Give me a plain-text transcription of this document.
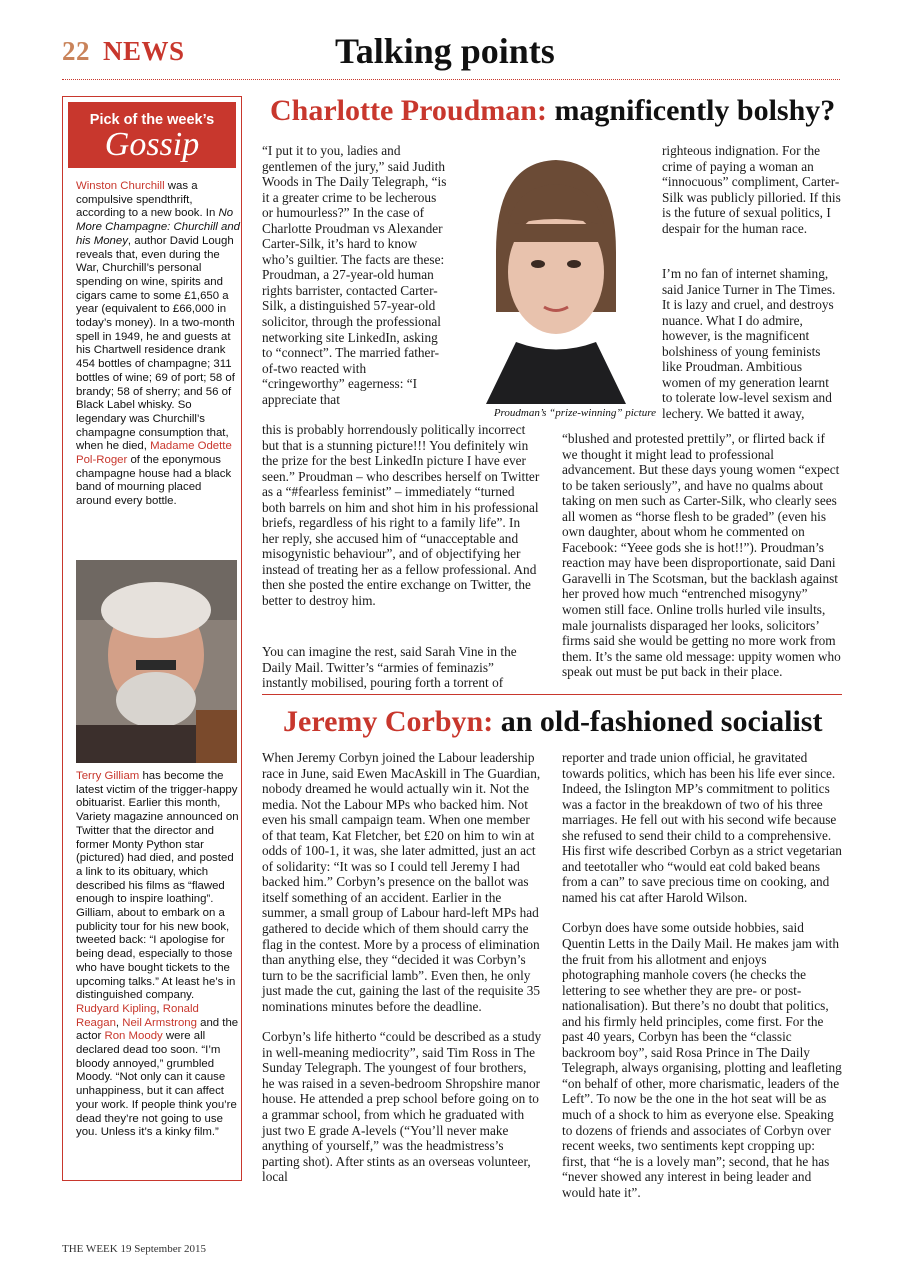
22 NEWS	Talking points
Pick of the week’s
Gossip
Winston Churchill was a compulsive spendthrift, according to a new book. In No More Champagne: Churchill and his Money, author David Lough reveals that, even during the War, Churchill’s personal spending on wine, spirits and cigars came to some £1,650 a year (equivalent to £66,000 in today’s money). In a two-month spell in 1949, he and guests at his Chartwell residence drank 454 bottles of champagne; 311 bottles of wine; 69 of port; 58 of brandy; 58 of sherry; and 56 of Black Label whisky. So legendary was Churchill’s champagne consumption that, when he died, Madame Odette Pol-Roger of the eponymous champagne house had a black band of mourning placed around every bottle.
Terry Gilliam has become the latest victim of the trigger-happy obituarist. Earlier this month, Variety magazine announced on Twitter that the director and former Monty Python star (pictured) had died, and posted a link to its obituary, which described his films as “flawed enough to inspire loathing”. Gilliam, about to embark on a publicity tour for his new book, tweeted back: “I apologise for being dead, especially to those who have bought tickets to the upcoming talks.” At least he’s in distinguished company. Rudyard Kipling, Ronald Reagan, Neil Armstrong and the actor Ron Moody were all declared dead too soon. “I’m bloody annoyed,” grumbled Moody. “Not only can it cause unhappiness, but it can affect your work. If people think you’re dead they’re not going to use you. Unless it’s a kinky film.”
Charlotte Proudman: magnificently bolshy?
“I put it to you, ladies and gentlemen of the jury,” said Judith Woods in The Daily Telegraph, “is it a greater crime to be lecherous or humourless?” In the case of Charlotte Proudman vs Alexander Carter-Silk, it’s hard to know who’s guiltier. The facts are these: Proudman, a 27-year-old human rights barrister, contacted Carter-Silk, a distinguished 57-year-old solicitor, through the professional networking site LinkedIn, asking to “connect”. The married father-of-two reacted with “cringeworthy” eagerness: “I appreciate that
this is probably horrendously politically incorrect but that is a stunning picture!!! You definitely win the prize for the best LinkedIn picture I have ever seen.” Proudman – who describes herself on Twitter as a “#fearless feminist” – immediately “turned both barrels on him and shot him in his professional briefs, regardless of his right to a family life”. In her reply, she accused him of “unacceptable and misogynistic behaviour”, and of objectifying her instead of treating her as a fellow professional. And then she posted the entire exchange on Twitter, the better to destroy him.
You can imagine the rest, said Sarah Vine in the Daily Mail. Twitter’s “armies of feminazis” instantly mobilised, pouring forth a torrent of
Proudman’s “prize-winning” picture
righteous indignation. For the crime of paying a woman an “innocuous” compliment, Carter-Silk was publicly pilloried. If this is the future of sexual politics, I despair for the human race.
I’m no fan of internet shaming, said Janice Turner in The Times. It is lazy and cruel, and destroys nuance. What I do admire, however, is the magnificent bolshiness of young feminists like Proudman. Ambitious women of my generation learnt to tolerate low-level sexism and lechery. We batted it away,
“blushed and protested prettily”, or flirted back if we thought it might lead to professional advancement. But these days young women “expect to be taken seriously”, and have no qualms about taking on men such as Carter-Silk, who clearly sees all women as “horse flesh to be graded” (even his own daughter, about whom he commented on Facebook: “Yeee gods she is hot!!”). Proudman’s reaction may have been disproportionate, said Dani Garavelli in The Scotsman, but the backlash against her proved how much “entrenched misogyny” women still face. Online trolls hurled vile insults, male journalists disparaged her looks, solicitors’ firms said she would be getting no more work from them. It’s the same old message: uppity women who speak out must be put back in their place.
Jeremy Corbyn: an old-fashioned socialist
When Jeremy Corbyn joined the Labour leadership race in June, said Ewen MacAskill in The Guardian, nobody dreamed he would actually win it. Not the media. Not the Labour MPs who backed him. Not even his small campaign team. When one member of that team, Kat Fletcher, bet £20 on him to win at odds of 100-1, it was, she later admitted, just an act of solidarity: “It was so I could tell Jeremy I had backed him.” Corbyn’s presence on the ballot was itself something of an accident. Earlier in the summer, a small group of Labour hard-left MPs had gathered to decide which of them should carry the flag in the contest. More by a process of elimination than anything else, they “decided it was Corbyn’s turn to be the sacrificial lamb”. Even then, he only just made the cut, gaining the last of the requisite 35 nominations minutes before the deadline.
Corbyn’s life hitherto “could be described as a study in well-meaning mediocrity”, said Tim Ross in The Sunday Telegraph. The youngest of four brothers, he was raised in a seven-bedroom Shropshire manor house. He attended a prep school before going on to a grammar school, from which he graduated with just two E grade A-levels (“You’ll never make anything of yourself,” was the headmistress’s parting shot). After stints as an overseas volunteer, local
reporter and trade union official, he gravitated towards politics, which has been his life ever since. Indeed, the Islington MP’s commitment to politics was a factor in the breakdown of two of his three marriages. He fell out with his second wife because she refused to send their child to a comprehensive. His first wife described Corbyn as a strict vegetarian and teetotaller who “would eat cold baked beans from a can” to save precious time on cooking, and named his cat after Harold Wilson.
Corbyn does have some outside hobbies, said Quentin Letts in the Daily Mail. He makes jam with the fruit from his allotment and enjoys photographing manhole covers (he checks the lettering to see whether they are pre- or post-nationalisation). But there’s no doubt that politics, and his firmly held principles, come first. For the past 40 years, Corbyn has been the “classic backroom boy”, said Rosa Prince in The Daily Telegraph, always organising, plotting and leafleting “on behalf of other, more charismatic, leaders of the Left”. To now be the one in the hot seat will be as much of a shock to him as everyone else. Speaking to dozens of friends and associates of Corbyn over recent weeks, two sentiments kept cropping up: first, that “he is a lovely man”; second, that he has “never showed any interest in being leader and would hate it”.
THE WEEK 19 September 2015
